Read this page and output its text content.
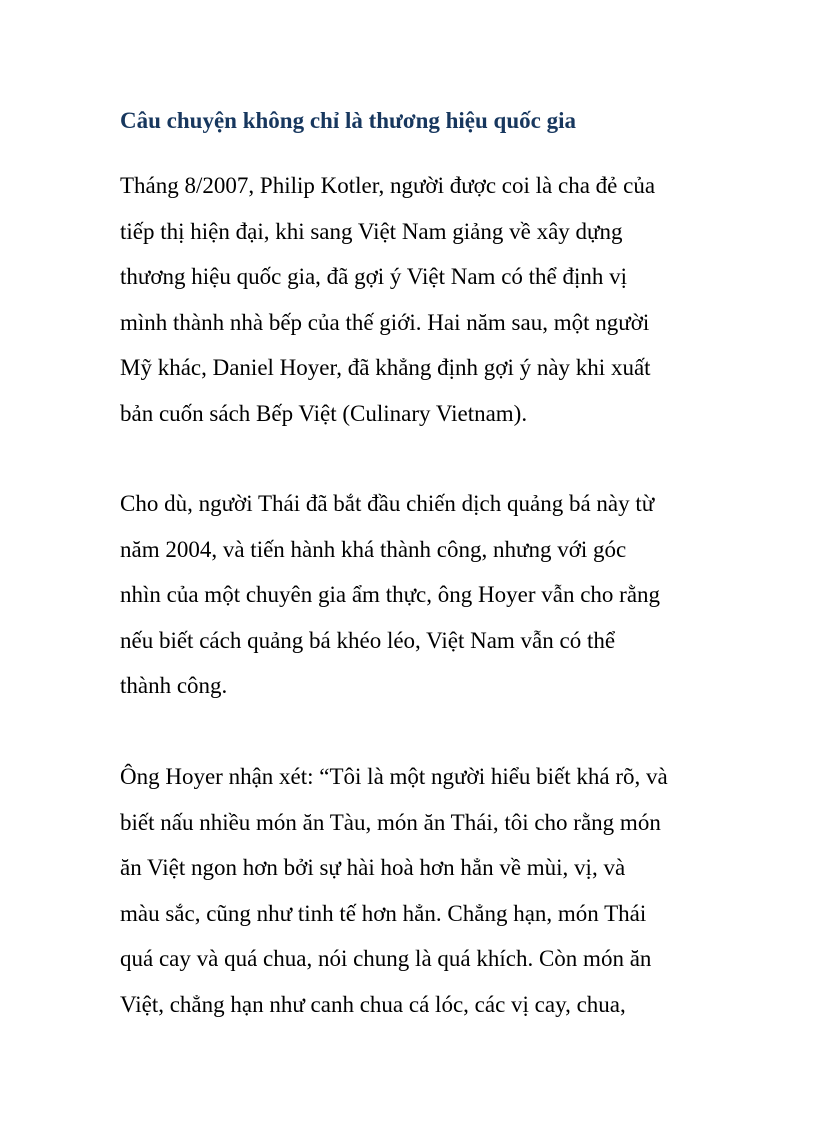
Câu chuyện không chỉ là thương hiệu quốc gia
Tháng 8/2007, Philip Kotler, người được coi là cha đẻ của
tiếp thị hiện đại, khi sang Việt Nam giảng về xây dựng
thương hiệu quốc gia, đã gợi ý Việt Nam có thể định vị
mình thành nhà bếp của thế giới. Hai năm sau, một người
Mỹ khác, Daniel Hoyer, đã khẳng định gợi ý này khi xuất
bản cuốn sách Bếp Việt (Culinary Vietnam).
Cho dù, người Thái đã bắt đầu chiến dịch quảng bá này từ
năm 2004, và tiến hành khá thành công, nhưng với góc
nhìn của một chuyên gia ẩm thực, ông Hoyer vẫn cho rằng
nếu biết cách quảng bá khéo léo, Việt Nam vẫn có thể
thành công.
Ông Hoyer nhận xét: “Tôi là một người hiểu biết khá rõ, và
biết nấu nhiều món ăn Tàu, món ăn Thái, tôi cho rằng món
ăn Việt ngon hơn bởi sự hài hoà hơn hẳn về mùi, vị, và
màu sắc, cũng như tinh tế hơn hẳn. Chẳng hạn, món Thái
quá cay và quá chua, nói chung là quá khích. Còn món ăn
Việt, chẳng hạn như canh chua cá lóc, các vị cay, chua,
